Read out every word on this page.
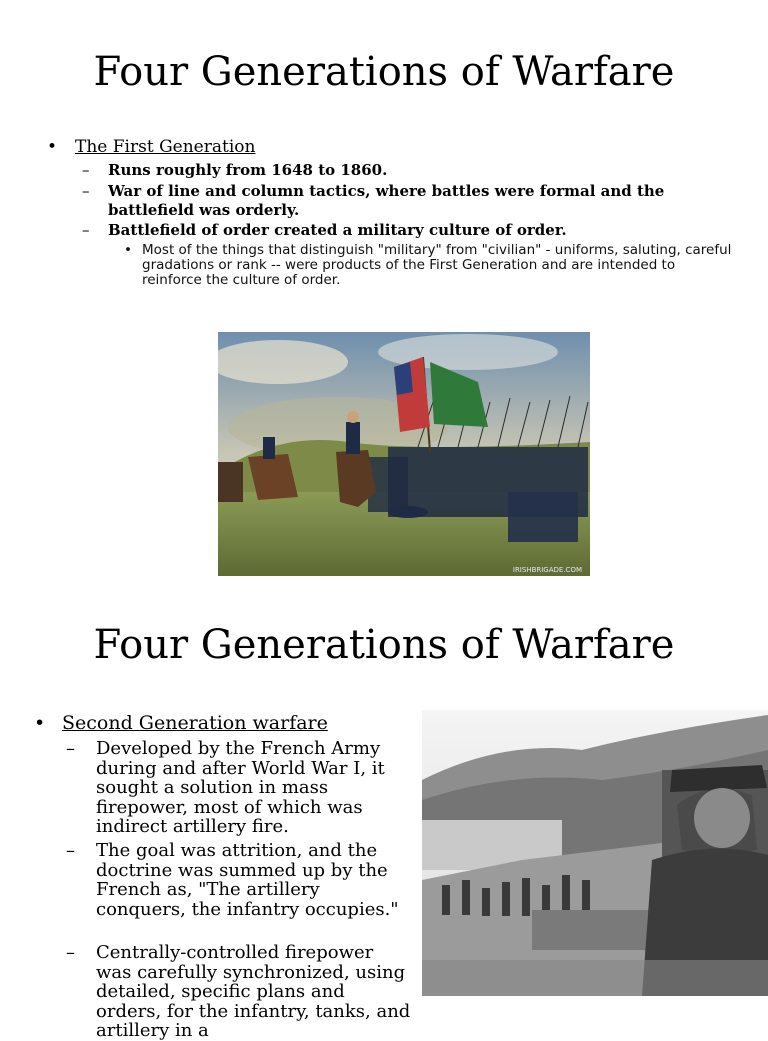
Four Generations of Warfare
• The First Generation
– Runs roughly from 1648 to 1860.
– War of line and column tactics, where battles were formal and the battlefield was orderly.
– Battlefield of order created a military culture of order.
• Most of the things that distinguish "military" from "civilian" - uniforms, saluting, careful gradations or rank -- were products of the First Generation and are intended to reinforce the culture of order.
IRISHBRIGADE.COM
Four Generations of Warfare
• Second Generation warfare
– Developed by the French Army during and after World War I, it sought a solution in mass firepower, most of which was indirect artillery fire.
– The goal was attrition, and the doctrine was summed up by the French as, "The artillery conquers, the infantry occupies."
– Centrally-controlled firepower was carefully synchronized, using detailed, specific plans and orders, for the infantry, tanks, and artillery in a
